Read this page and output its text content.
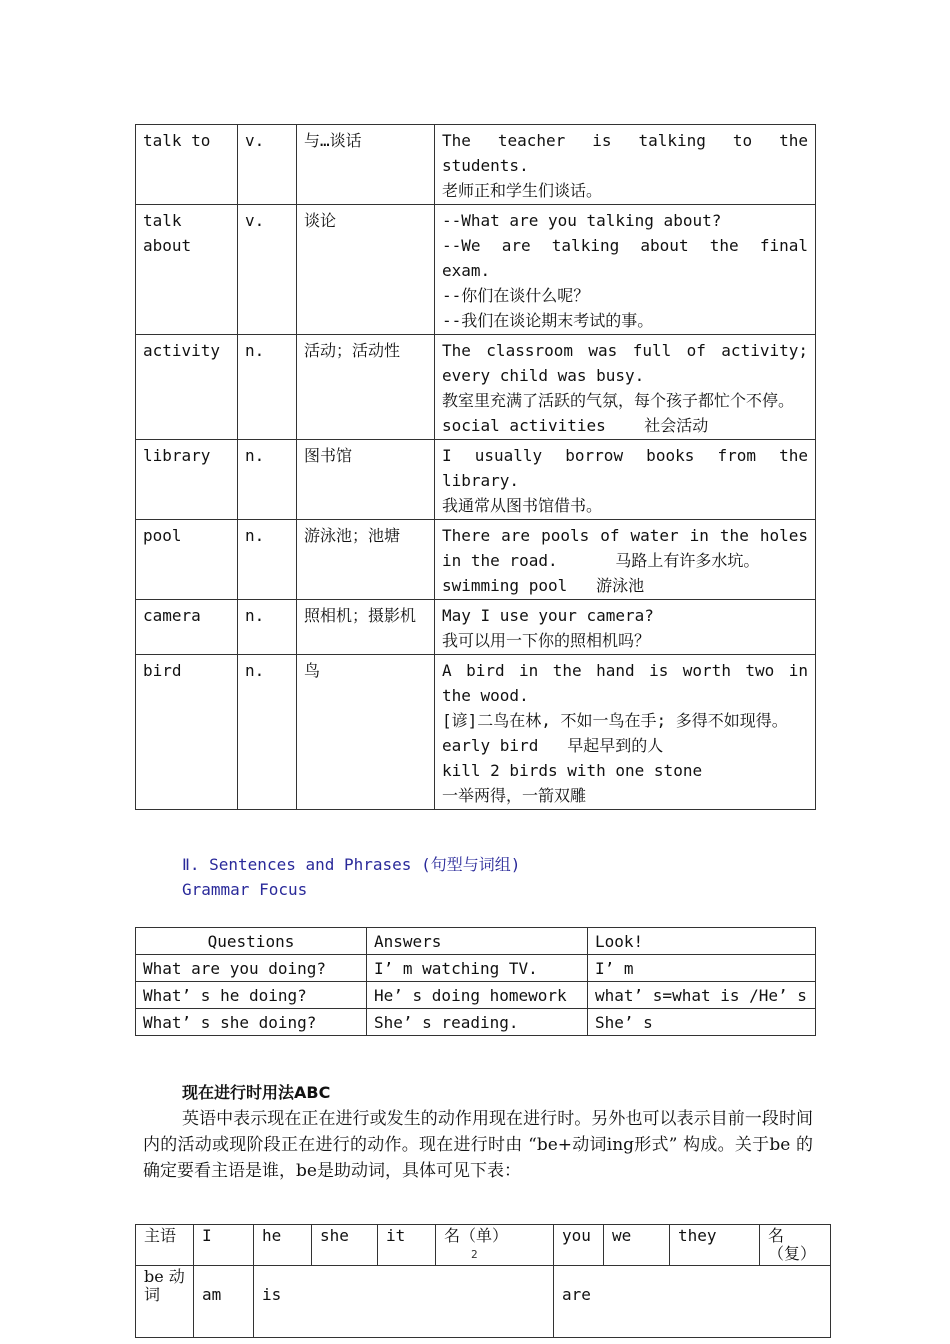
talk to	v.	与…谈话	The teacher is talking to the students.
老师正和学生们谈话。

talk about	v.	谈论	--What are you talking about?
--We are talking about the final exam.
--你们在谈什么呢？
--我们在谈论期末考试的事。

activity	n.	活动；活动性	The classroom was full of activity; every child was busy.
教室里充满了活跃的气氛，每个孩子都忙个不停。
social activities    社会活动

library	n.	图书馆	I usually borrow books from the library.
我通常从图书馆借书。

pool	n.	游泳池；池塘	There are pools of water in the holes in the road.      马路上有许多水坑。
swimming pool   游泳池

camera	n.	照相机；摄影机	May I use your camera?
我可以用一下你的照相机吗？

bird	n.	鸟	A bird in the hand is worth two in the wood.
[谚]二鸟在林, 不如一鸟在手; 多得不如现得。
early bird   早起早到的人
kill 2 birds with one stone
一举两得，一箭双雕
Ⅱ. Sentences and Phrases (句型与词组)
Grammar Focus
Questions	Answers	Look!
What are you doing?	I’ m watching TV.	I’ m
What’ s he doing?	He’ s doing homework	what’ s=what is /He’ s
What’ s she doing?	She’ s reading.	She’ s
现在进行时用法ABC

英语中表示现在正在进行或发生的动作用现在进行时。另外也可以表示目前一段时间内的活动或现阶段正在进行的动作。现在进行时由 “be+动词ing形式” 构成。关于be 的确定要看主语是谁，be是助动词，具体可见下表：

主语	I	he	she	it	名（单）	you	we	they	名（复）
be 动词	am	is				are			
2
